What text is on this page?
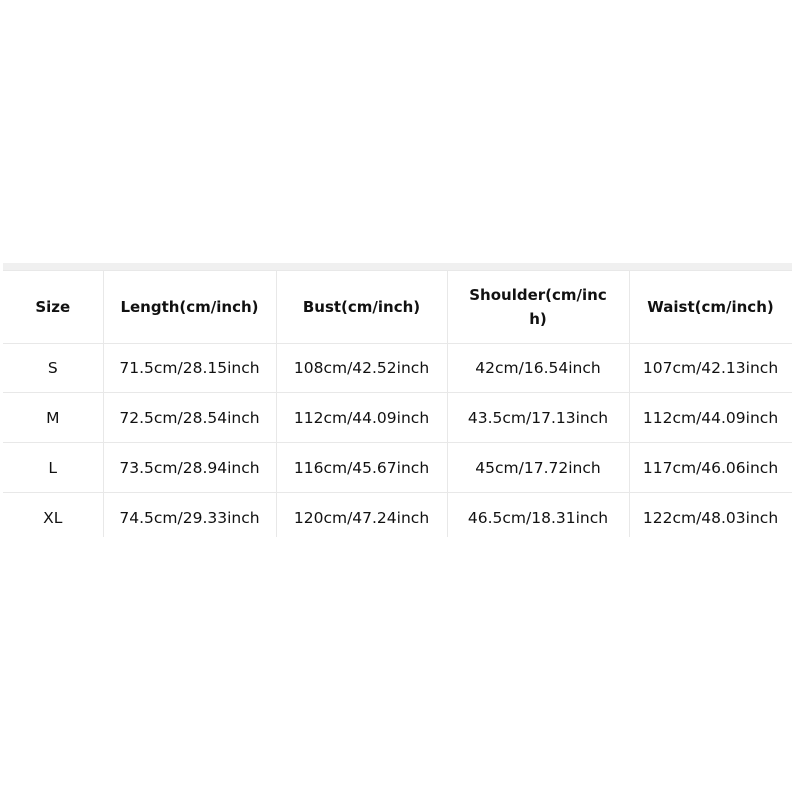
Size	Length(cm/inch)	Bust(cm/inch)	Shoulder(cm/inch)	Waist(cm/inch)
S	71.5cm/28.15inch	108cm/42.52inch	42cm/16.54inch	107cm/42.13inch
M	72.5cm/28.54inch	112cm/44.09inch	43.5cm/17.13inch	112cm/44.09inch
L	73.5cm/28.94inch	116cm/45.67inch	45cm/17.72inch	117cm/46.06inch
XL	74.5cm/29.33inch	120cm/47.24inch	46.5cm/18.31inch	122cm/48.03inch
